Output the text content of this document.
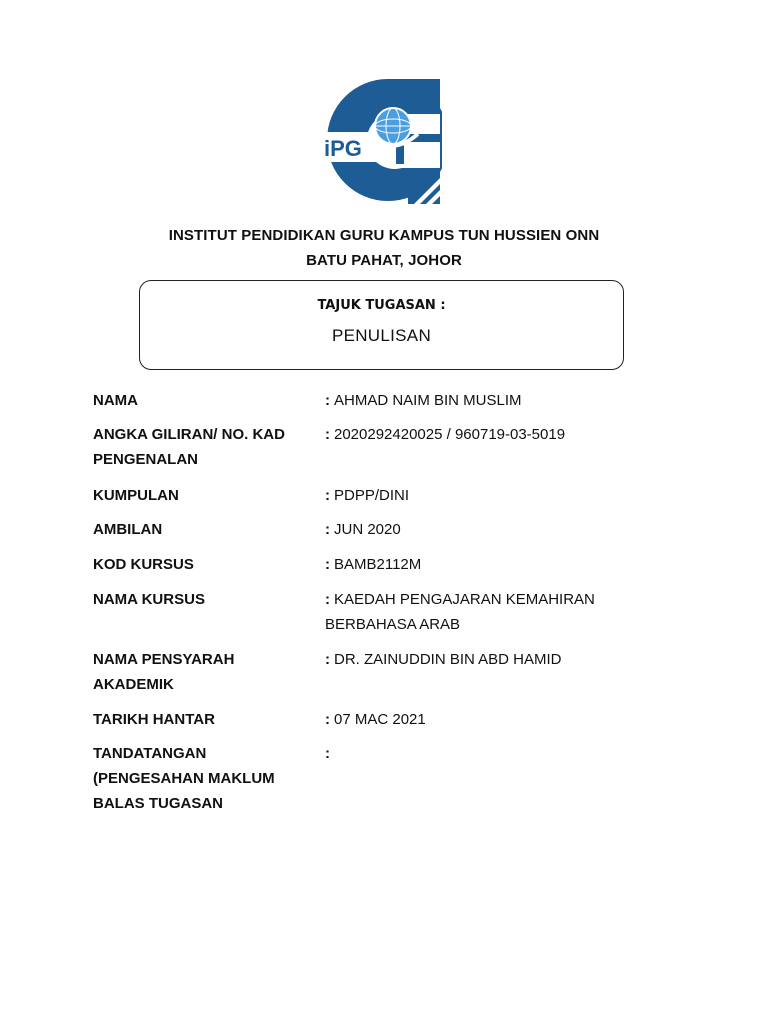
iPG
INSTITUT PENDIDIKAN GURU KAMPUS TUN HUSSIEN ONN
BATU PAHAT, JOHOR
TAJUK TUGASAN :
PENULISAN
NAMA	: AHMAD NAIM BIN MUSLIM
ANGKA GILIRAN/ NO. KAD PENGENALAN
: 2020292420025 / 960719-03-5019
KUMPULAN	: PDPP/DINI
AMBILAN	: JUN 2020
KOD KURSUS	: BAMB2112M
NAMA KURSUS	: KAEDAH PENGAJARAN KEMAHIRAN BERBAHASA ARAB
NAMA PENSYARAH AKADEMIK
: DR. ZAINUDDIN BIN ABD HAMID
TARIKH HANTAR	: 07 MAC 2021
TANDATANGAN (PENGESAHAN MAKLUM BALAS TUGASAN
:
